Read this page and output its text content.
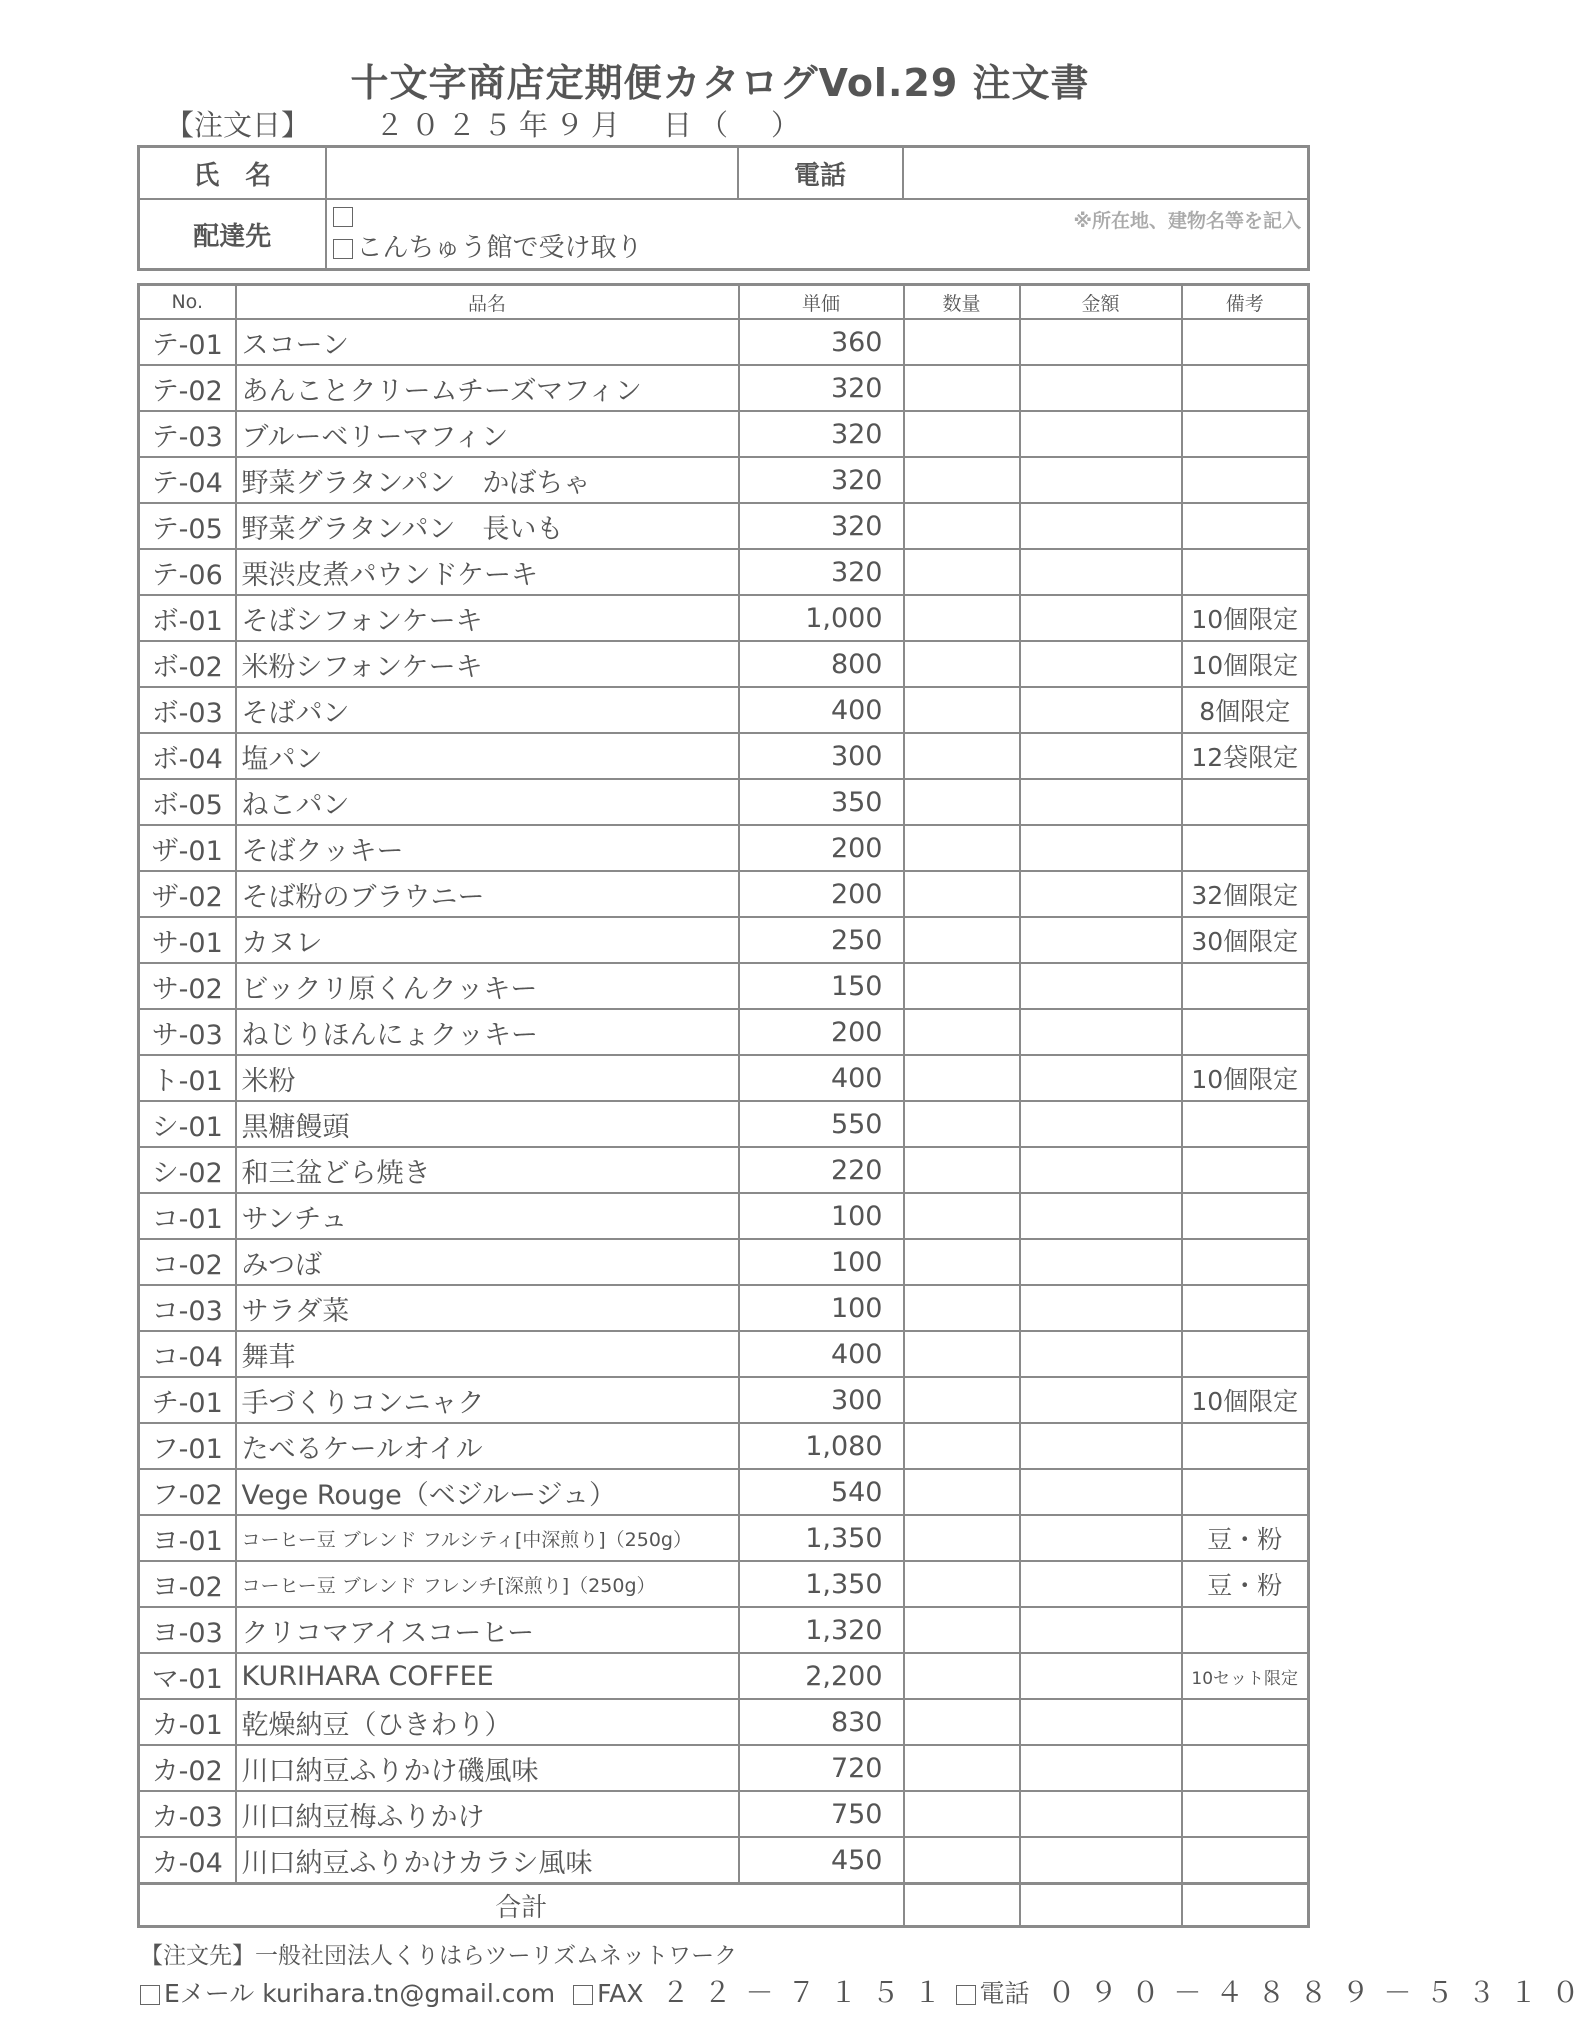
十文字商店定期便カタログVol.29 注文書
【注文日】 ２０２５年９月　日（　）
氏　名		電話	
配達先	こんちゅう館で受け取り
※所在地、建物名等を記入		
No.	品名	単価	数量	金額	備考
テ-01	スコーン	360			
テ-02	あんことクリームチーズマフィン	320			
テ-03	ブルーベリーマフィン	320			
テ-04	野菜グラタンパン　かぼちゃ	320			
テ-05	野菜グラタンパン　長いも	320			
テ-06	栗渋皮煮パウンドケーキ	320			
ボ-01	そばシフォンケーキ	1,000			10個限定
ボ-02	米粉シフォンケーキ	800			10個限定
ボ-03	そばパン	400			8個限定
ボ-04	塩パン	300			12袋限定
ボ-05	ねこパン	350			
ザ-01	そばクッキー	200			
ザ-02	そば粉のブラウニー	200			32個限定
サ-01	カヌレ	250			30個限定
サ-02	ビックリ原くんクッキー	150			
サ-03	ねじりほんにょクッキー	200			
ト-01	米粉	400			10個限定
シ-01	黒糖饅頭	550			
シ-02	和三盆どら焼き	220			
コ-01	サンチュ	100			
コ-02	みつば	100			
コ-03	サラダ菜	100			
コ-04	舞茸	400			
チ-01	手づくりコンニャク	300			10個限定
フ-01	たべるケールオイル	1,080			
フ-02	Vege Rouge（ベジルージュ）	540			
ヨ-01	コーヒー豆 ブレンド フルシティ[中深煎り]（250g）	1,350			豆・粉
ヨ-02	コーヒー豆 ブレンド フレンチ[深煎り]（250g）	1,350			豆・粉
ヨ-03	クリコマアイスコーヒー	1,320			
マ-01	KURIHARA COFFEE	2,200			10セット限定
カ-01	乾燥納豆（ひきわり）	830			
カ-02	川口納豆ふりかけ磯風味	720			
カ-03	川口納豆梅ふりかけ	750			
カ-04	川口納豆ふりかけカラシ風味	450			
合計					
【注文先】一般社団法人くりはらツーリズムネットワーク
Eメール kurihara.tn@gmail.com FAX ２２－７１５１ 電話 ０９０－４８８９－５３１０
